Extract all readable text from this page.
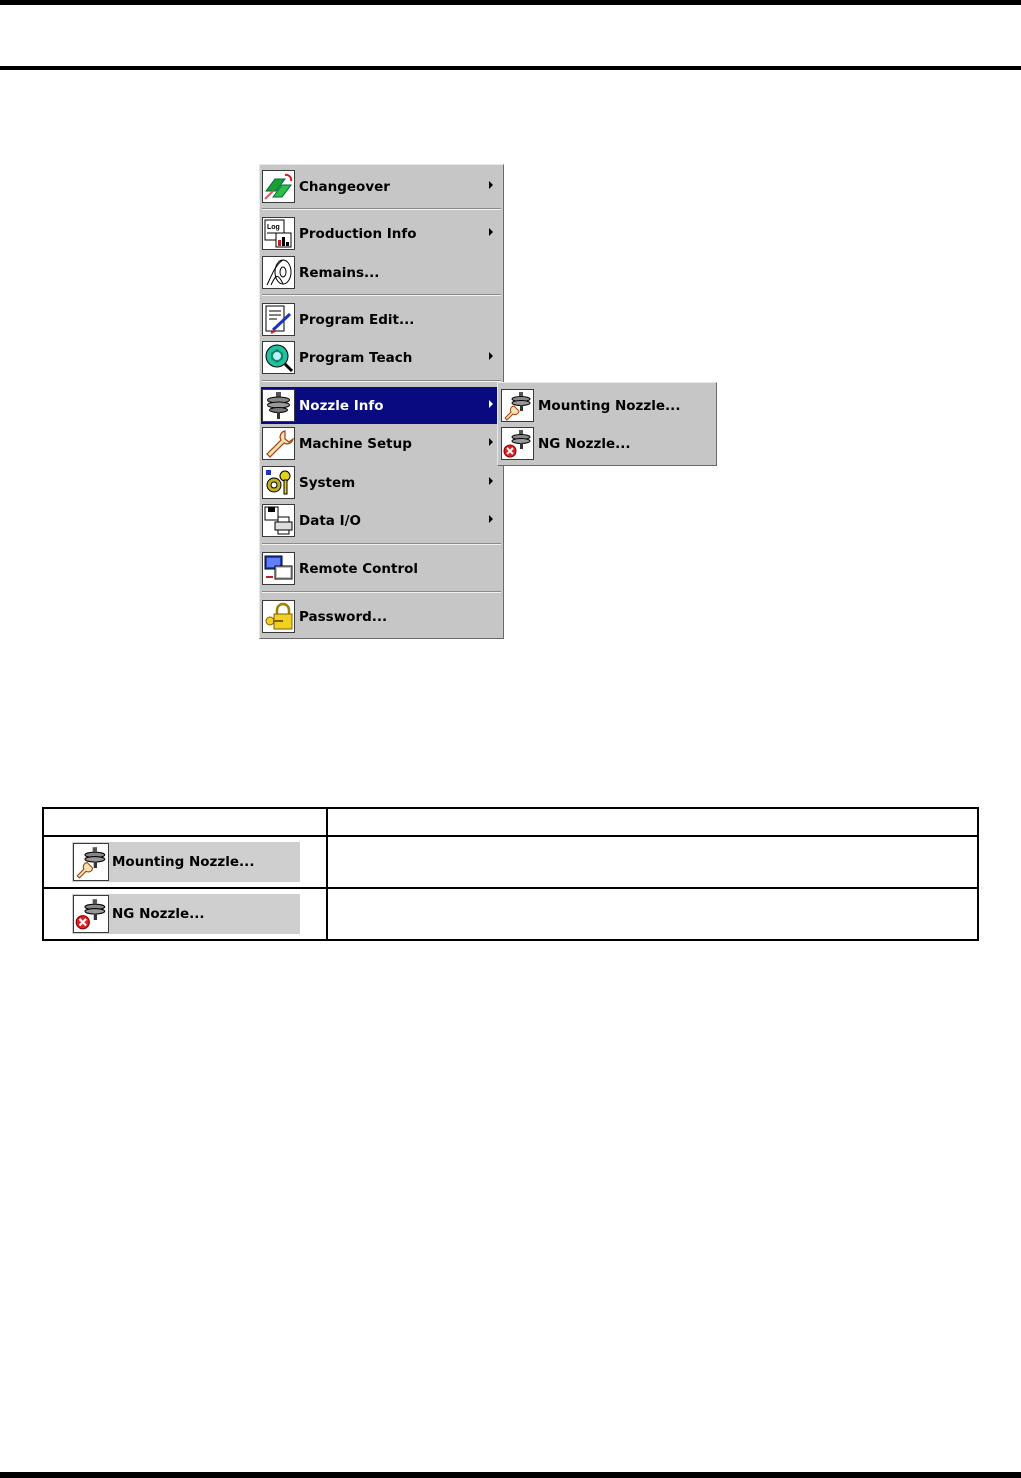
Changeover
Log Production Info
Remains...
Program Edit...
Program Teach
Nozzle Info
Machine Setup
System
Data I/O
Remote Control
Password...
Mounting Nozzle...
NG Nozzle...

Mounting Nozzle...	

NG Nozzle...	
